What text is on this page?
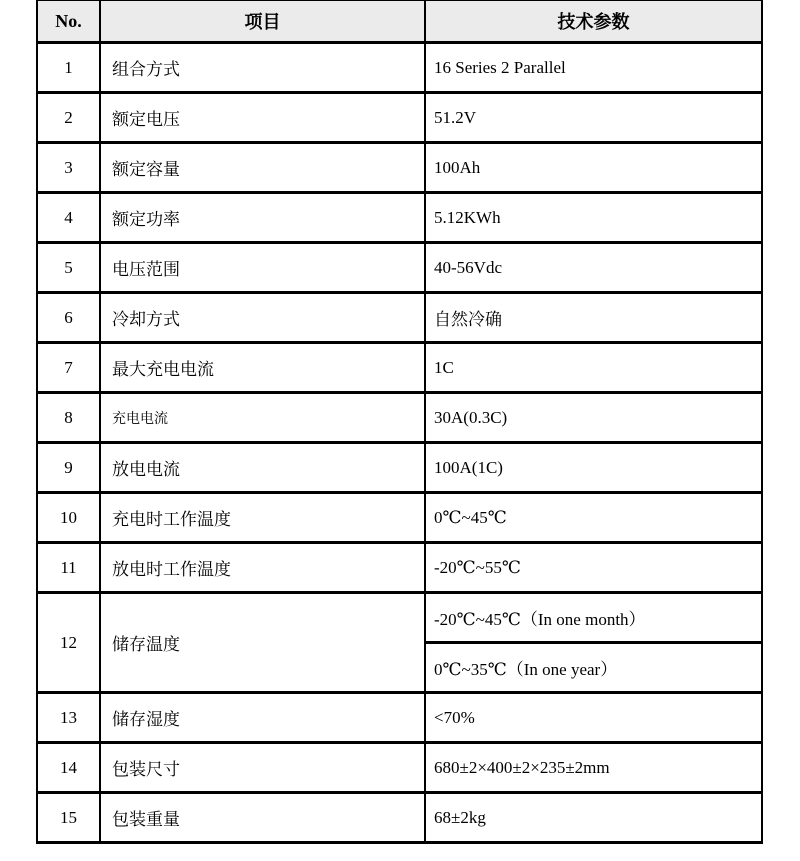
No.	项目	技术参数
1	组合方式	16 Series 2 Parallel
2	额定电压	51.2V
3	额定容量	100Ah
4	额定功率	5.12KWh
5	电压范围	40-56Vdc
6	冷却方式	自然冷确
7	最大充电电流	1C
8	充电电流	30A(0.3C)
9	放电电流	100A(1C)
10	充电时工作温度	0℃~45℃
11	放电时工作温度	-20℃~55℃
12	储存温度	-20℃~45℃（In one month）
		0℃~35℃（In one year）
13	储存湿度	<70%
14	包装尺寸	680±2×400±2×235±2mm
15	包装重量	68±2kg
